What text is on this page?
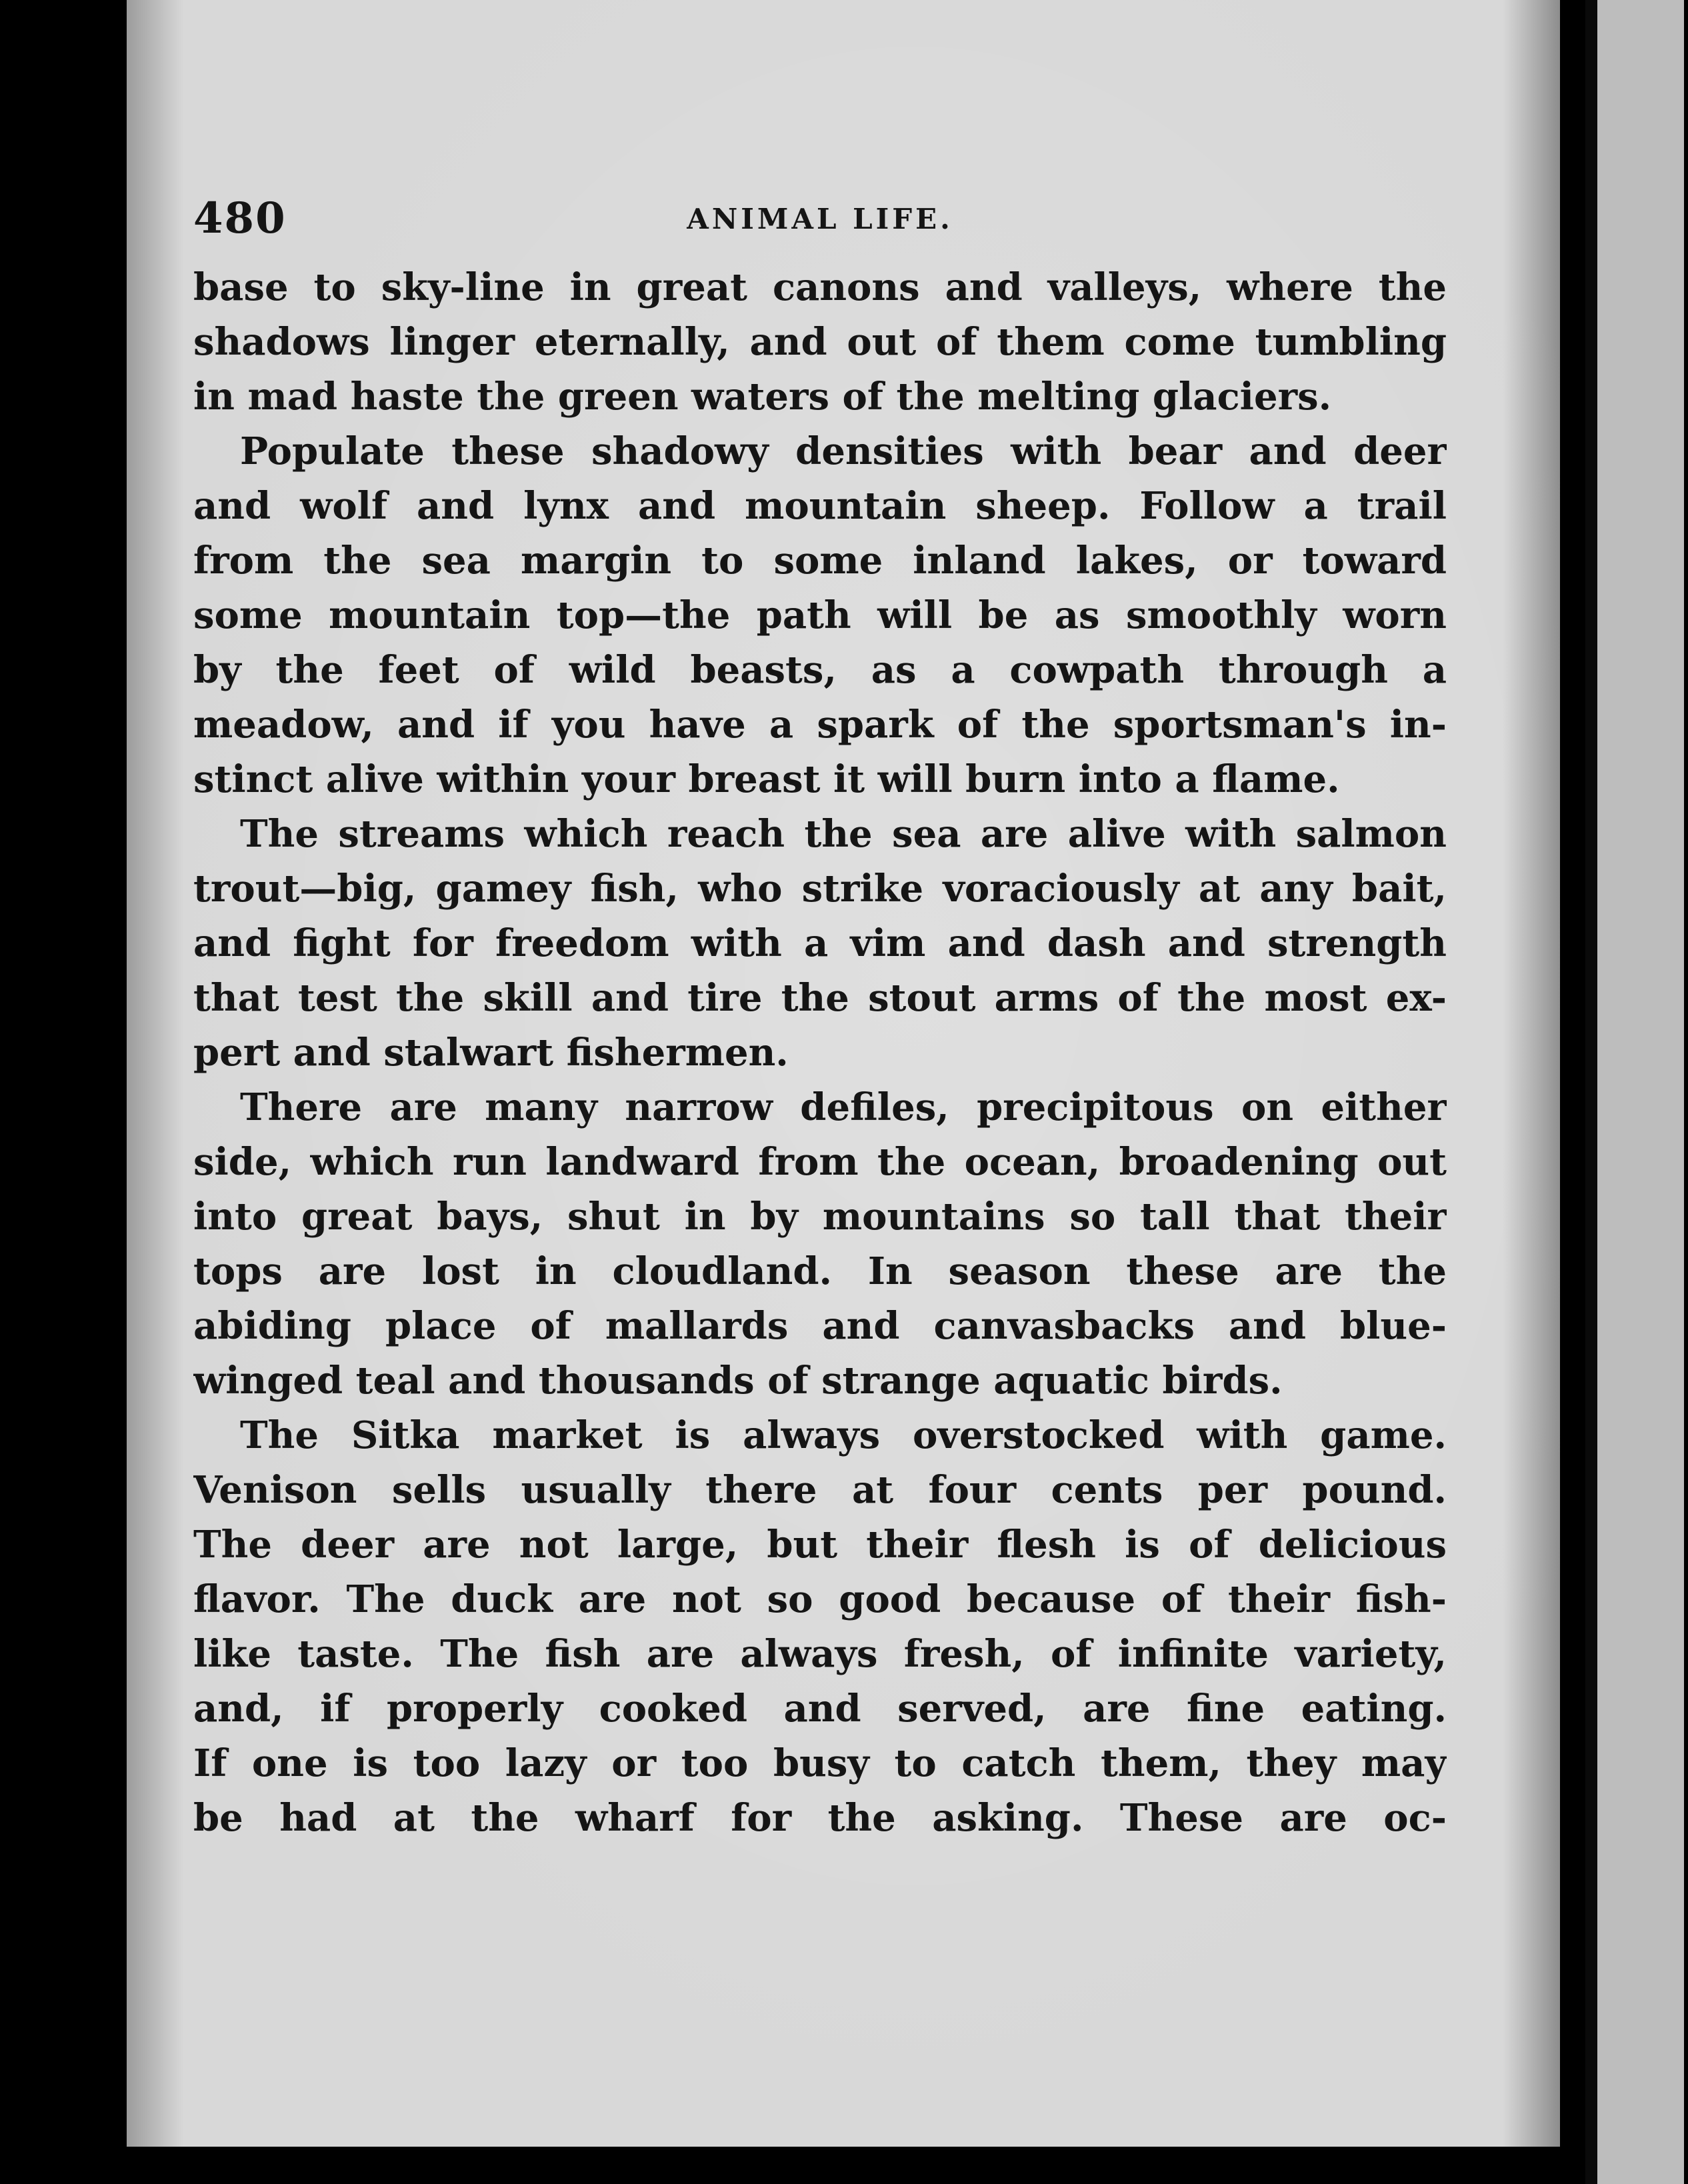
480	ANIMAL LIFE.

base to sky-line in great canons and valleys, where the
shadows linger eternally, and out of them come tumbling
in mad haste the green waters of the melting glaciers.

Populate these shadowy densities with bear and deer
and wolf and lynx and mountain sheep. Follow a trail
from the sea margin to some inland lakes, or toward
some mountain top—the path will be as smoothly worn
by the feet of wild beasts, as a cowpath through a
meadow, and if you have a spark of the sportsman's in-
stinct alive within your breast it will burn into a flame.

The streams which reach the sea are alive with salmon
trout—big, gamey fish, who strike voraciously at any bait,
and fight for freedom with a vim and dash and strength
that test the skill and tire the stout arms of the most ex-
pert and stalwart fishermen.

There are many narrow defiles, precipitous on either
side, which run landward from the ocean, broadening out
into great bays, shut in by mountains so tall that their
tops are lost in cloudland. In season these are the
abiding place of mallards and canvasbacks and blue-
winged teal and thousands of strange aquatic birds.

The Sitka market is always overstocked with game.
Venison sells usually there at four cents per pound.
The deer are not large, but their flesh is of delicious
flavor. The duck are not so good because of their fish-
like taste. The fish are always fresh, of infinite variety,
and, if properly cooked and served, are fine eating.
If one is too lazy or too busy to catch them, they may
be had at the wharf for the asking. These are oc-
